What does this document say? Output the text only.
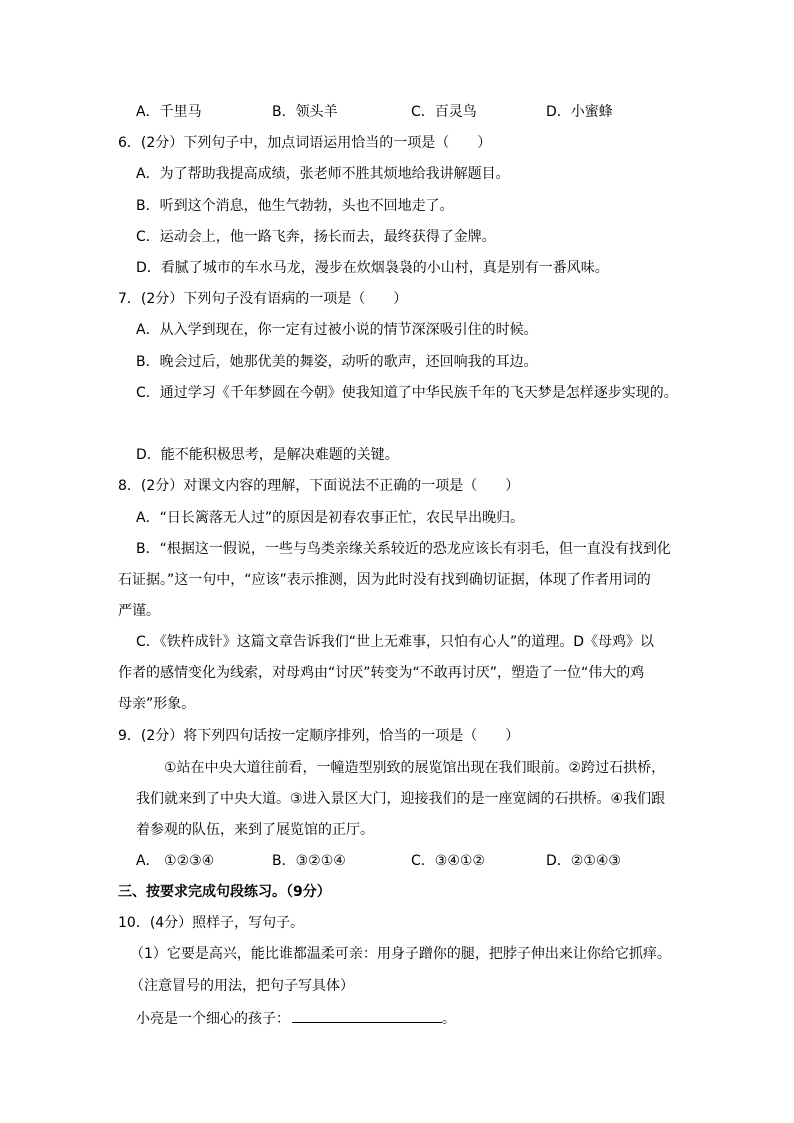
A．千里马	B．领头羊	C．百灵鸟	D．小蜜蜂
6．(2分）下列句子中，加点词语运用恰当的一项是（　　）
A．为了帮助我提高成绩，张老师不胜其烦地给我讲解题目。
B．听到这个消息，他生气勃勃，头也不回地走了。
C．运动会上，他一路飞奔，扬长而去，最终获得了金牌。
D．看腻了城市的车水马龙，漫步在炊烟袅袅的小山村，真是别有一番风味。
7．(2分）下列句子没有语病的一项是（　　）
A．从入学到现在，你一定有过被小说的情节深深吸引住的时候。
B．晚会过后，她那优美的舞姿，动听的歌声，还回响我的耳边。
C．通过学习《千年梦圆在今朝》使我知道了中华民族千年的飞天梦是怎样逐步实现的。
D．能不能积极思考，是解决难题的关键。
8．(2分）对课文内容的理解，下面说法不正确的一项是（　　）
A．“日长篱落无人过”的原因是初春农事正忙，农民早出晚归。
B．“根据这一假说，一些与鸟类亲缘关系较近的恐龙应该长有羽毛，但一直没有找到化
石证据。”这一句中，“应该”表示推测，因为此时没有找到确切证据，体现了作者用词的
严谨。
C．《铁杵成针》这篇文章告诉我们“世上无难事，只怕有心人”的道理。D《母鸡》以
作者的感情变化为线索，对母鸡由“讨厌”转变为“不敢再讨厌”，塑造了一位“伟大的鸡
母亲”形象。
9．(2分）将下列四句话按一定顺序排列，恰当的一项是（　　）
①站在中央大道往前看，一幢造型别致的展览馆出现在我们眼前。②跨过石拱桥，
我们就来到了中央大道。③进入景区大门，迎接我们的是一座宽阔的石拱桥。④我们跟
着参观的队伍，来到了展览馆的正厅。
A． ①②③④	B．③②①④	C．③④①②	D．②①④③
三、按要求完成句段练习。（9分）
10．(4分）照样子，写句子。
（1）它要是高兴，能比谁都温柔可亲：用身子蹭你的腿，把脖子伸出来让你给它抓痒。
（注意冒号的用法，把句子写具体）
小亮是一个细心的孩子：	。
